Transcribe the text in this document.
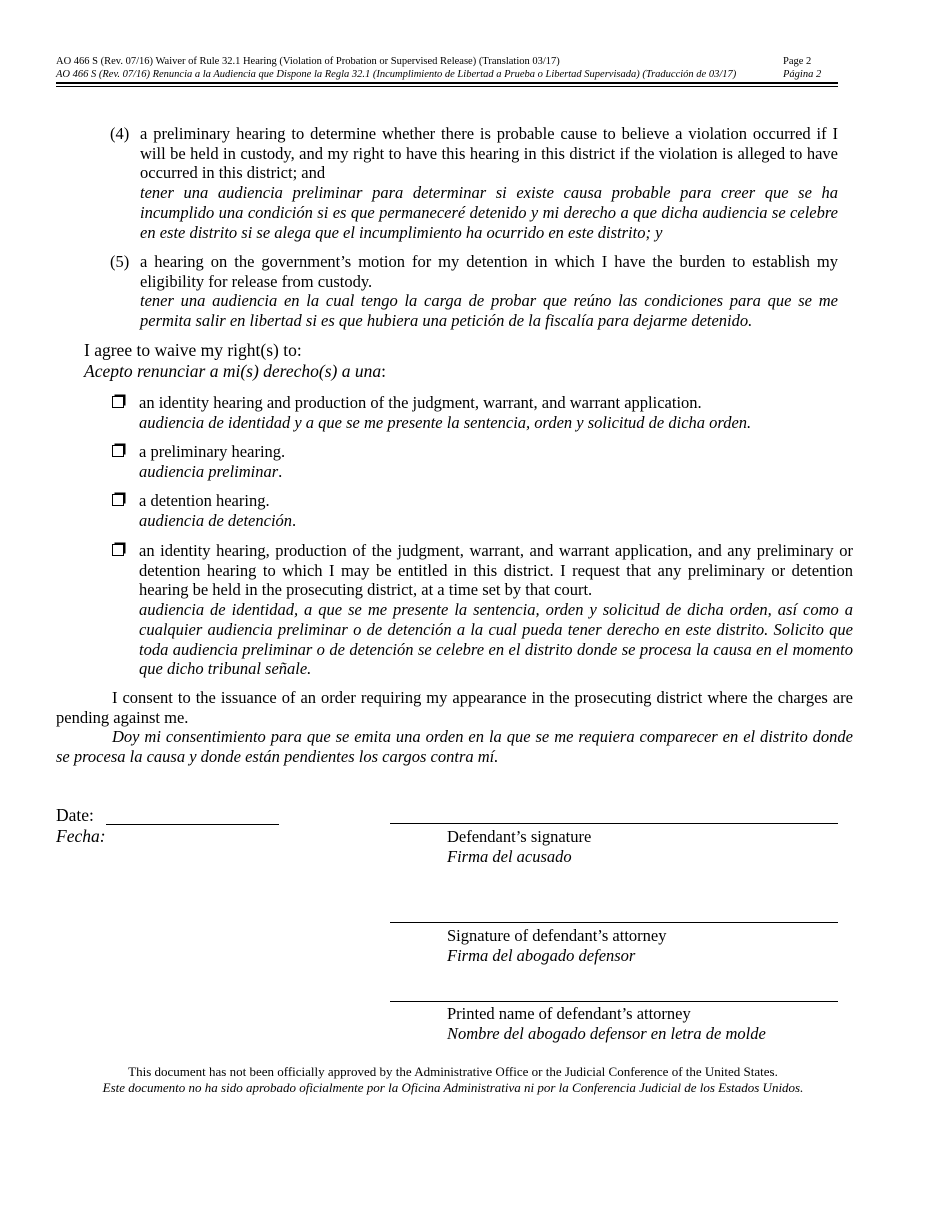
AO 466 S (Rev. 07/16) Waiver of Rule 32.1 Hearing (Violation of Probation or Supervised Release) (Translation 03/17)	Page 2
AO 466 S (Rev. 07/16) Renuncia a la Audiencia que Dispone la Regla 32.1 (Incumplimiento de Libertad a Prueba o Libertad Supervisada) (Traducción de 03/17)	Página 2
(4) a preliminary hearing to determine whether there is probable cause to believe a violation occurred if I will be held in custody, and my right to have this hearing in this district if the violation is alleged to have occurred in this district; and
tener una audiencia preliminar para determinar si existe causa probable para creer que se ha incumplido una condición si es que permaneceré detenido y mi derecho a que dicha audiencia se celebre en este distrito si se alega que el incumplimiento ha ocurrido en este distrito; y
(5) a hearing on the government’s motion for my detention in which I have the burden to establish my eligibility for release from custody.
tener una audiencia en la cual tengo la carga de probar que reúno las condiciones para que se me permita salir en libertad si es que hubiera una petición de la fiscalía para dejarme detenido.
I agree to waive my right(s) to:
Acepto renunciar a mi(s) derecho(s) a una:
an identity hearing and production of the judgment, warrant, and warrant application.
audiencia de identidad y a que se me presente la sentencia, orden y solicitud de dicha orden.
a preliminary hearing.
audiencia preliminar.
a detention hearing.
audiencia de detención.
an identity hearing, production of the judgment, warrant, and warrant application, and any preliminary or detention hearing to which I may be entitled in this district. I request that any preliminary or detention hearing be held in the prosecuting district, at a time set by that court.
audiencia de identidad, a que se me presente la sentencia, orden y solicitud de dicha orden, así como a cualquier audiencia preliminar o de detención a la cual pueda tener derecho en este distrito. Solicito que toda audiencia preliminar o de detención se celebre en el distrito donde se procesa la causa en el momento que dicho tribunal señale.

I consent to the issuance of an order requiring my appearance in the prosecuting district where the charges are pending against me.

Doy mi consentimiento para que se emita una orden en la que se me requiera comparecer en el distrito donde se procesa la causa y donde están pendientes los cargos contra mí.

Date:
Fecha:	Defendant’s signature
Firma del acusado
Signature of defendant’s attorney
Firma del abogado defensor
Printed name of defendant’s attorney
Nombre del abogado defensor en letra de molde
This document has not been officially approved by the Administrative Office or the Judicial Conference of the United States.
Este documento no ha sido aprobado oficialmente por la Oficina Administrativa ni por la Conferencia Judicial de los Estados Unidos.
